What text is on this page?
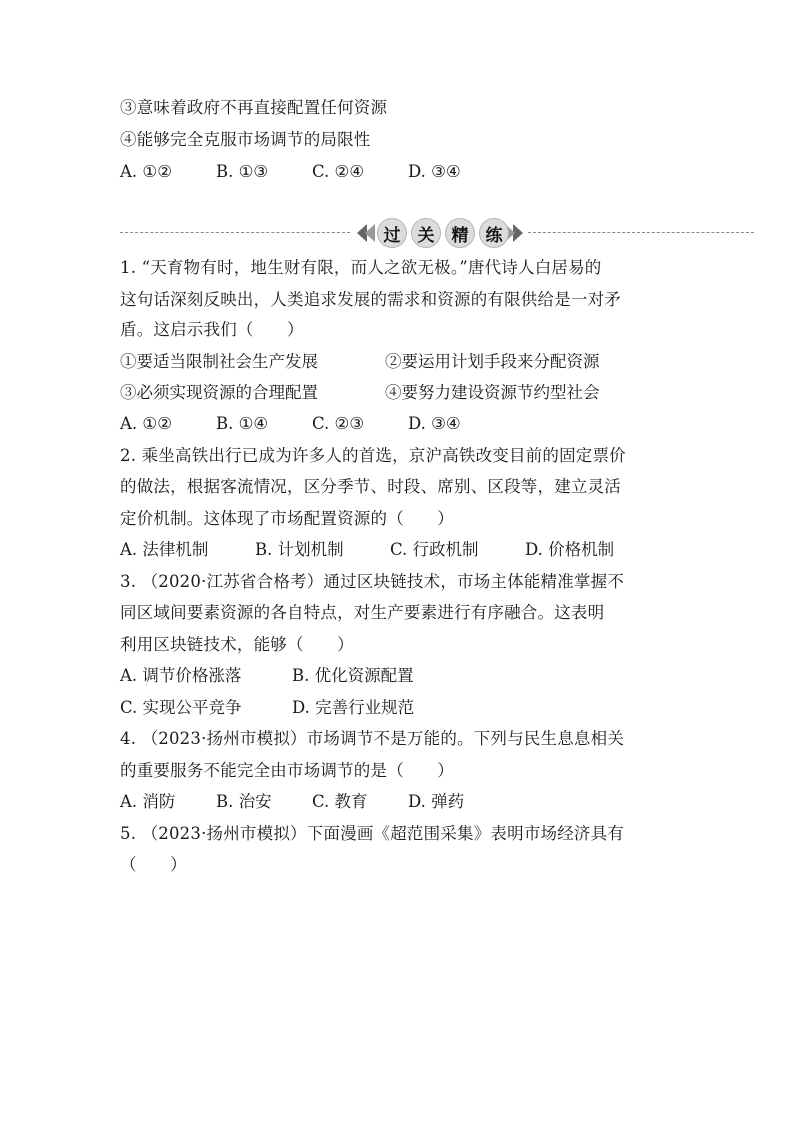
③意味着政府不再直接配置任何资源
④能够完全克服市场调节的局限性
A. ①②	B. ①③	C. ②④	D. ③④
过	关	精	练
1. “天育物有时，地生财有限，而人之欲无极。”唐代诗人白居易的
这句话深刻反映出，人类追求发展的需求和资源的有限供给是一对矛
盾。这启示我们（　　）
①要适当限制社会生产发展	②要运用计划手段来分配资源
③必须实现资源的合理配置	④要努力建设资源节约型社会
A. ①②	B. ①④	C. ②③	D. ③④
2. 乘坐高铁出行已成为许多人的首选，京沪高铁改变目前的固定票价
的做法，根据客流情况，区分季节、时段、席别、区段等，建立灵活
定价机制。这体现了市场配置资源的（　　）
A. 法律机制	B. 计划机制	C. 行政机制	D. 价格机制
3. （2020·江苏省合格考）通过区块链技术，市场主体能精准掌握不
同区域间要素资源的各自特点，对生产要素进行有序融合。这表明
利用区块链技术，能够（　　）
A. 调节价格涨落	B. 优化资源配置
C. 实现公平竞争	D. 完善行业规范
4. （2023·扬州市模拟）市场调节不是万能的。下列与民生息息相关
的重要服务不能完全由市场调节的是（　　）
A. 消防 B. 治安 C. 教育 D. 弹药
5. （2023·扬州市模拟）下面漫画《超范围采集》表明市场经济具有
（　　）
